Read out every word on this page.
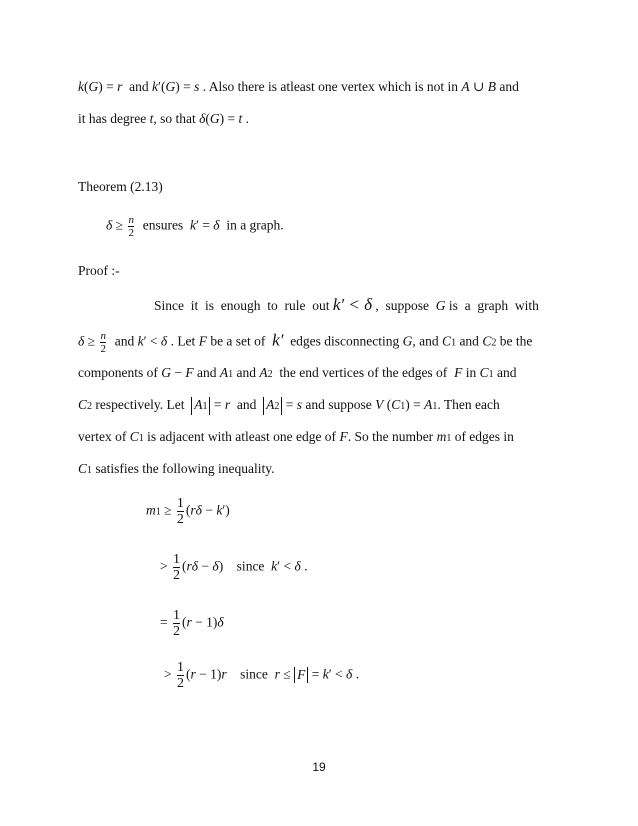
k(G) = r  and k′(G) = s . Also there is atleast one vertex which is not in A ∪ B and
it has degree t, so that δ(G) = t .
Theorem (2.13)
$\delta \ge \frac{n}{2}$ ensures  k′ = δ  in a graph.
Proof :-
Since  it  is  enough  to  rule  out k′ < δ ,  suppose  G is  a  graph  with
$\delta \ge \frac{n}{2}$ and k′ < δ . Let F be a set of  k′  edges disconnecting G, and C1 and C2 be the
components of G − F and A1 and A2  the end vertices of the edges of  F in C1 and
C2 respectively. Let  A1 = r  and  A2 = s and suppose V (C1) = A1. Then each
vertex of C1 is adjacent with atleast one edge of F. So the number m1 of edges in
C1 satisfies the following inequality.
$m1 \ge \frac{1}{2} (r\delta - k')$
> $\frac{1}{2} (r\delta - \delta)$    since  k′ < δ .
= $\frac{1}{2} (r - 1)\delta$
> $\frac{1}{2} (r - 1)r$    since  r ≤ F = k′ < δ .
19
